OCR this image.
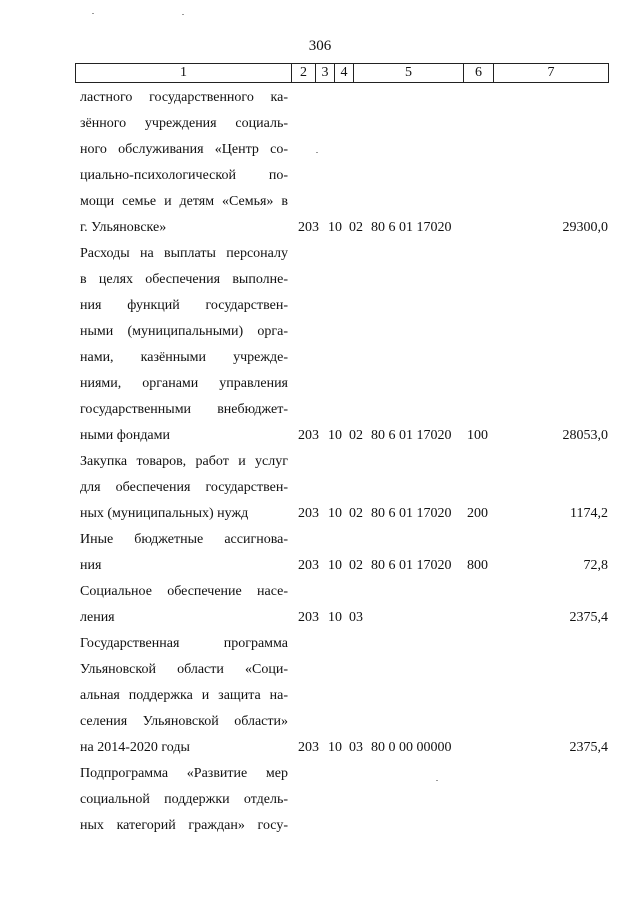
306
1	2	3 4	5	6	7
ластного государственного ка-
зённого учреждения социаль-
ного обслуживания «Центр со-
циально-психологической по-
мощи семье и детям «Семья» в
г. Ульяновске»	203 10 02 80 6 01 17020	29300,0
Расходы на выплаты персоналу
в целях обеспечения выполне-
ния функций государствен-
ными (муниципальными) орга-
нами, казёнными учрежде-
ниями, органами управления
государственными внебюджет-
ными фондами	203 10 02 80 6 01 17020 100	28053,0
Закупка товаров, работ и услуг
для обеспечения государствен-
ных (муниципальных) нужд	203 10 02 80 6 01 17020 200	1174,2
Иные бюджетные ассигнова-
ния	203 10 02 80 6 01 17020 800	72,8
Социальное обеспечение насе-
ления	203 10 03	2375,4
Государственная программа
Ульяновской области «Соци-
альная поддержка и защита на-
селения Ульяновской области»
на 2014-2020 годы	203 10 03 80 0 00 00000	2375,4
Подпрограмма «Развитие мер
социальной поддержки отдель-
ных категорий граждан» госу-
